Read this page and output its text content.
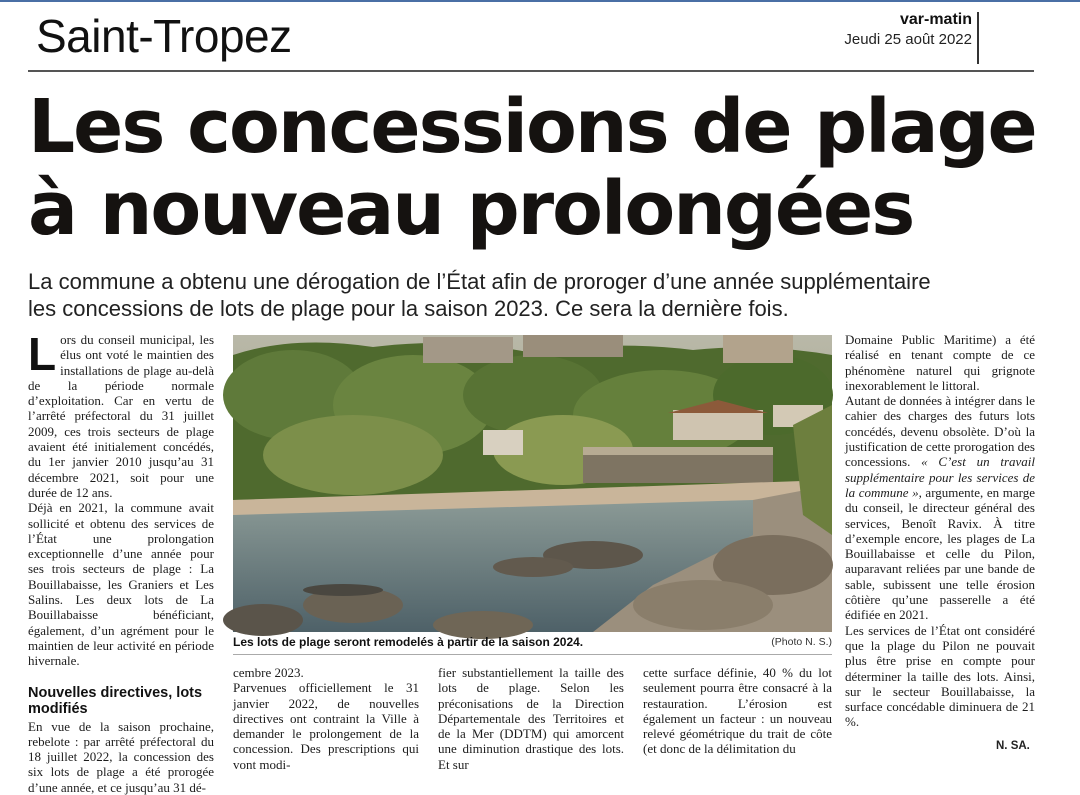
Saint-Tropez	var-matin
Jeudi 25 août 2022
Les concessions de plage
à nouveau prolongées
La commune a obtenu une dérogation de l’État afin de proroger d’une année supplémentaire
les concessions de lots de plage pour la saison 2023. Ce sera la dernière fois.

Lors du conseil municipal, les élus ont voté le maintien des installations de plage au-delà de la période normale d’exploitation. Car en vertu de l’arrêté préfectoral du 31 juillet 2009, ces trois secteurs de plage avaient été initialement concédés, du 1er janvier 2010 jusqu’au 31 décembre 2021, soit pour une durée de 12 ans.

Déjà en 2021, la commune avait sollicité et obtenu des services de l’État une prolongation exceptionnelle d’une année pour ses trois secteurs de plage : La Bouillabaisse, les Graniers et Les Salins. Les deux lots de La Bouillabaisse bénéficiant, également, d’un agrément pour le maintien de leur activité en période hivernale.

Nouvelles directives, lots modifiés

En vue de la saison prochaine, rebelote : par arrêté préfectoral du 18 juillet 2022, la concession des six lots de plage a été prorogée d’une année, et ce jusqu’au 31 dé-

Les lots de plage seront remodelés à partir de la saison 2024.	(Photo N. S.)

cembre 2023.

Parvenues officiellement le 31 janvier 2022, de nouvelles directives ont contraint la Ville à demander le prolongement de la concession. Des prescriptions qui vont modi-

fier substantiellement la taille des lots de plage. Selon les préconisations de la Direction Départementale des Territoires et de la Mer (DDTM) qui amorcent une diminution drastique des lots. Et sur

cette surface définie, 40 % du lot seulement pourra être consacré à la restauration. L’érosion est également un facteur : un nouveau relevé géométrique du trait de côte (et donc de la délimitation du

Domaine Public Maritime) a été réalisé en tenant compte de ce phénomène naturel qui grignote inexorablement le littoral.

Autant de données à intégrer dans le cahier des charges des futurs lots concédés, devenu obsolète. D’où la justification de cette prorogation des concessions. « C’est un travail supplémentaire pour les services de la commune », argumente, en marge du conseil, le directeur général des services, Benoît Ravix. À titre d’exemple encore, les plages de La Bouillabaisse et celle du Pilon, auparavant reliées par une bande de sable, subissent une telle érosion côtière qu’une passerelle a été édifiée en 2021.

Les services de l’État ont considéré que la plage du Pilon ne pouvait plus être prise en compte pour déterminer la taille des lots. Ainsi, sur le secteur Bouillabaisse, la surface concédable diminuera de 21 %.

N. SA.
